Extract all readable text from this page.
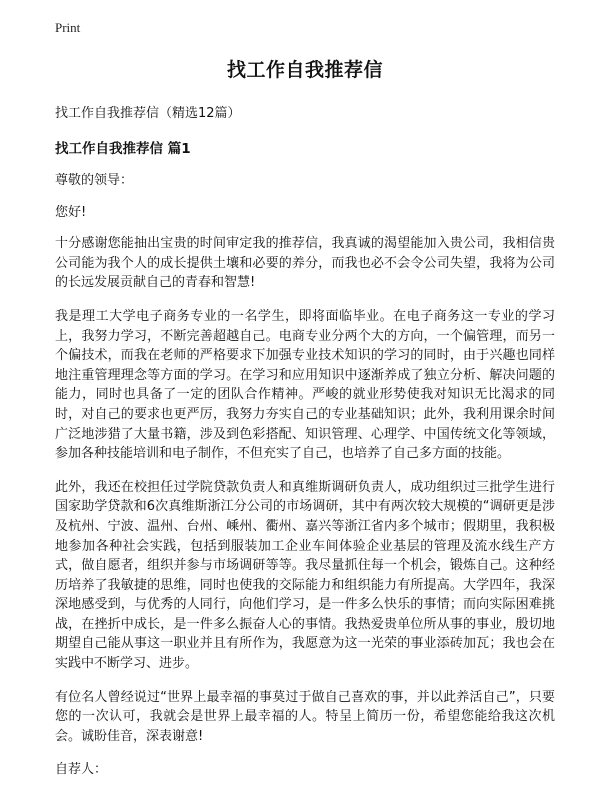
Print
找工作自我推荐信
找工作自我推荐信（精选12篇）
找工作自我推荐信 篇1
尊敬的领导：
您好!
十分感谢您能抽出宝贵的时间审定我的推荐信，我真诚的渴望能加入贵公司，我相信贵公司能为我个人的成长提供土壤和必要的养分，而我也必不会令公司失望，我将为公司的长远发展贡献自己的青春和智慧!
我是理工大学电子商务专业的一名学生，即将面临毕业。在电子商务这一专业的学习上，我努力学习，不断完善超越自己。电商专业分两个大的方向，一个偏管理，而另一个偏技术，而我在老师的严格要求下加强专业技术知识的学习的同时，由于兴趣也同样地注重管理理念等方面的学习。在学习和应用知识中逐渐养成了独立分析、解决问题的能力，同时也具备了一定的团队合作精神。严峻的就业形势使我对知识无比渴求的同时，对自己的要求也更严厉，我努力夯实自己的专业基础知识；此外，我利用课余时间广泛地涉猎了大量书籍，涉及到色彩搭配、知识管理、心理学、中国传统文化等领域，参加各种技能培训和电子制作，不但充实了自己，也培养了自己多方面的技能。
此外，我还在校担任过学院贷款负责人和真维斯调研负责人，成功组织过三批学生进行国家助学贷款和6次真维斯浙江分公司的市场调研，其中有两次较大规模的“调研更是涉及杭州、宁波、温州、台州、嵊州、衢州、嘉兴等浙江省内多个城市；假期里，我积极地参加各种社会实践，包括到服装加工企业车间体验企业基层的管理及流水线生产方式，做自愿者，组织并参与市场调研等等。我尽量抓住每一个机会，锻炼自己。这种经历培养了我敏捷的思维，同时也使我的交际能力和组织能力有所提高。大学四年，我深深地感受到，与优秀的人同行，向他们学习，是一件多么快乐的事情；而向实际困难挑战，在挫折中成长，是一件多么振奋人心的事情。我热爱贵单位所从事的事业，殷切地期望自己能从事这一职业并且有所作为，我愿意为这一光荣的事业添砖加瓦；我也会在实践中不断学习、进步。
有位名人曾经说过“世界上最幸福的事莫过于做自己喜欢的事，并以此养活自己”，只要您的一次认可，我就会是世界上最幸福的人。特呈上简历一份，希望您能给我这次机会。诚盼佳音，深表谢意!
自荐人：
